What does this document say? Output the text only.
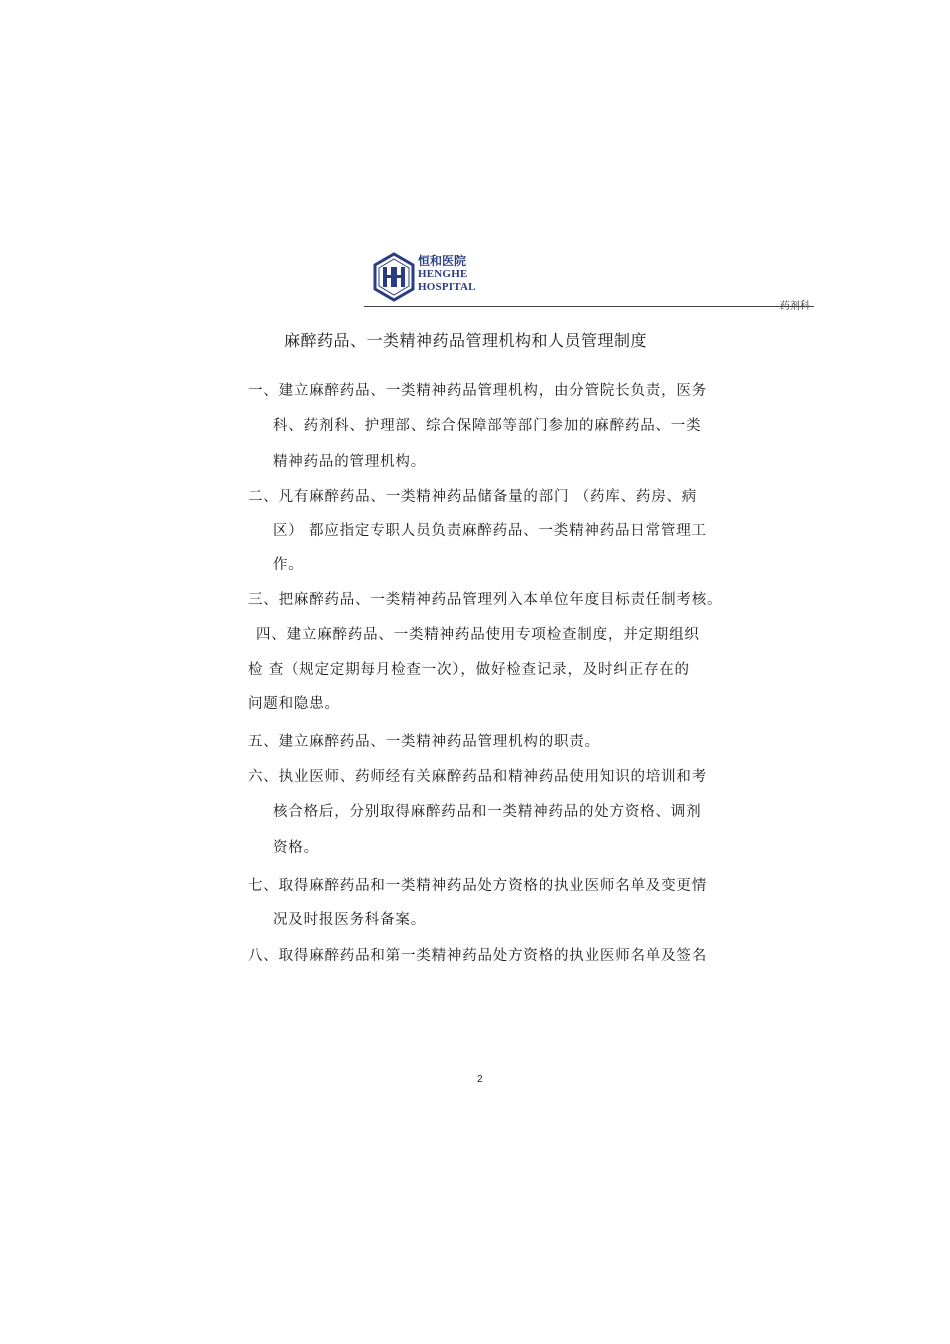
恒和医院
HENGHE
HOSPITAL
药剂科
麻醉药品、一类精神药品管理机构和人员管理制度
一、建立麻醉药品、一类精神药品管理机构，由分管院长负责，医务
科、药剂科、护理部、综合保障部等部门参加的麻醉药品、一类
精神药品的管理机构。
二、凡有麻醉药品、一类精神药品储备量的部门 （药库、药房、病
区） 都应指定专职人员负责麻醉药品、一类精神药品日常管理工
作。
三、把麻醉药品、一类精神药品管理列入本单位年度目标责任制考核。
四、建立麻醉药品、一类精神药品使用专项检查制度，并定期组织
检 查（规定定期每月检查一次），做好检查记录，及时纠正存在的
问题和隐患。
五、建立麻醉药品、一类精神药品管理机构的职责。
六、执业医师、药师经有关麻醉药品和精神药品使用知识的培训和考
核合格后，分别取得麻醉药品和一类精神药品的处方资格、调剂
资格。
七、取得麻醉药品和一类精神药品处方资格的执业医师名单及变更情
况及时报医务科备案。
八、取得麻醉药品和第一类精神药品处方资格的执业医师名单及签名
2
